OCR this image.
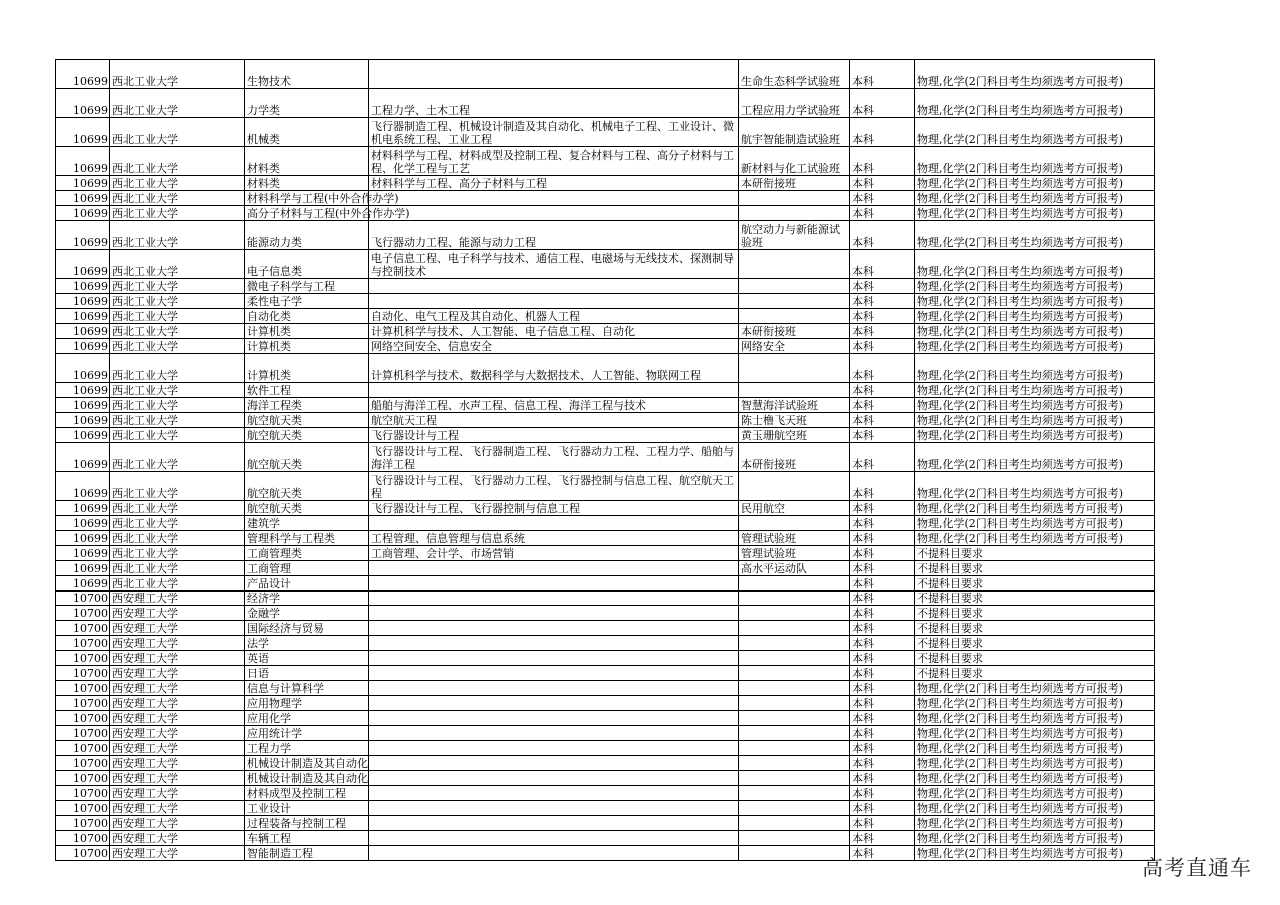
10699	西北工业大学	生物技术		生命生态科学试验班	本科	物理,化学(2门科目考生均须选考方可报考)
10699	西北工业大学	力学类	工程力学、土木工程	工程应用力学试验班	本科	物理,化学(2门科目考生均须选考方可报考)
10699	西北工业大学	机械类	飞行器制造工程、机械设计制造及其自动化、机械电子工程、工业设计、微机电系统工程、工业工程	航宇智能制造试验班	本科	物理,化学(2门科目考生均须选考方可报考)
10699	西北工业大学	材料类	材料科学与工程、材料成型及控制工程、复合材料与工程、高分子材料与工程、化学工程与工艺	新材料与化工试验班	本科	物理,化学(2门科目考生均须选考方可报考)
10699	西北工业大学	材料类	材料科学与工程、高分子材料与工程	本研衔接班	本科	物理,化学(2门科目考生均须选考方可报考)
10699	西北工业大学	材料科学与工程(中外合作办学)			本科	物理,化学(2门科目考生均须选考方可报考)
10699	西北工业大学	高分子材料与工程(中外合作办学)			本科	物理,化学(2门科目考生均须选考方可报考)
10699	西北工业大学	能源动力类	飞行器动力工程、能源与动力工程	航空动力与新能源试验班	本科	物理,化学(2门科目考生均须选考方可报考)
10699	西北工业大学	电子信息类	电子信息工程、电子科学与技术、通信工程、电磁场与无线技术、探测制导与控制技术		本科	物理,化学(2门科目考生均须选考方可报考)
10699	西北工业大学	微电子科学与工程			本科	物理,化学(2门科目考生均须选考方可报考)
10699	西北工业大学	柔性电子学			本科	物理,化学(2门科目考生均须选考方可报考)
10699	西北工业大学	自动化类	自动化、电气工程及其自动化、机器人工程		本科	物理,化学(2门科目考生均须选考方可报考)
10699	西北工业大学	计算机类	计算机科学与技术、人工智能、电子信息工程、自动化	本研衔接班	本科	物理,化学(2门科目考生均须选考方可报考)
10699	西北工业大学	计算机类	网络空间安全、信息安全	网络安全	本科	物理,化学(2门科目考生均须选考方可报考)
10699	西北工业大学	计算机类	计算机科学与技术、数据科学与大数据技术、人工智能、物联网工程		本科	物理,化学(2门科目考生均须选考方可报考)
10699	西北工业大学	软件工程			本科	物理,化学(2门科目考生均须选考方可报考)
10699	西北工业大学	海洋工程类	船舶与海洋工程、水声工程、信息工程、海洋工程与技术	智慧海洋试验班	本科	物理,化学(2门科目考生均须选考方可报考)
10699	西北工业大学	航空航天类	航空航天工程	陈士橹飞天班	本科	物理,化学(2门科目考生均须选考方可报考)
10699	西北工业大学	航空航天类	飞行器设计与工程	黄玉珊航空班	本科	物理,化学(2门科目考生均须选考方可报考)
10699	西北工业大学	航空航天类	飞行器设计与工程、飞行器制造工程、飞行器动力工程、工程力学、船舶与海洋工程	本研衔接班	本科	物理,化学(2门科目考生均须选考方可报考)
10699	西北工业大学	航空航天类	飞行器设计与工程、飞行器动力工程、飞行器控制与信息工程、航空航天工程		本科	物理,化学(2门科目考生均须选考方可报考)
10699	西北工业大学	航空航天类	飞行器设计与工程、飞行器控制与信息工程	民用航空	本科	物理,化学(2门科目考生均须选考方可报考)
10699	西北工业大学	建筑学			本科	物理,化学(2门科目考生均须选考方可报考)
10699	西北工业大学	管理科学与工程类	工程管理、信息管理与信息系统	管理试验班	本科	物理,化学(2门科目考生均须选考方可报考)
10699	西北工业大学	工商管理类	工商管理、会计学、市场营销	管理试验班	本科	不提科目要求
10699	西北工业大学	工商管理		高水平运动队	本科	不提科目要求
10699	西北工业大学	产品设计			本科	不提科目要求
10700	西安理工大学	经济学			本科	不提科目要求
10700	西安理工大学	金融学			本科	不提科目要求
10700	西安理工大学	国际经济与贸易			本科	不提科目要求
10700	西安理工大学	法学			本科	不提科目要求
10700	西安理工大学	英语			本科	不提科目要求
10700	西安理工大学	日语			本科	不提科目要求
10700	西安理工大学	信息与计算科学			本科	物理,化学(2门科目考生均须选考方可报考)
10700	西安理工大学	应用物理学			本科	物理,化学(2门科目考生均须选考方可报考)
10700	西安理工大学	应用化学			本科	物理,化学(2门科目考生均须选考方可报考)
10700	西安理工大学	应用统计学			本科	物理,化学(2门科目考生均须选考方可报考)
10700	西安理工大学	工程力学			本科	物理,化学(2门科目考生均须选考方可报考)
10700	西安理工大学	机械设计制造及其自动化			本科	物理,化学(2门科目考生均须选考方可报考)
10700	西安理工大学	机械设计制造及其自动化			本科	物理,化学(2门科目考生均须选考方可报考)
10700	西安理工大学	材料成型及控制工程			本科	物理,化学(2门科目考生均须选考方可报考)
10700	西安理工大学	工业设计			本科	物理,化学(2门科目考生均须选考方可报考)
10700	西安理工大学	过程装备与控制工程			本科	物理,化学(2门科目考生均须选考方可报考)
10700	西安理工大学	车辆工程			本科	物理,化学(2门科目考生均须选考方可报考)
10700	西安理工大学	智能制造工程			本科	物理,化学(2门科目考生均须选考方可报考)
高考直通车
